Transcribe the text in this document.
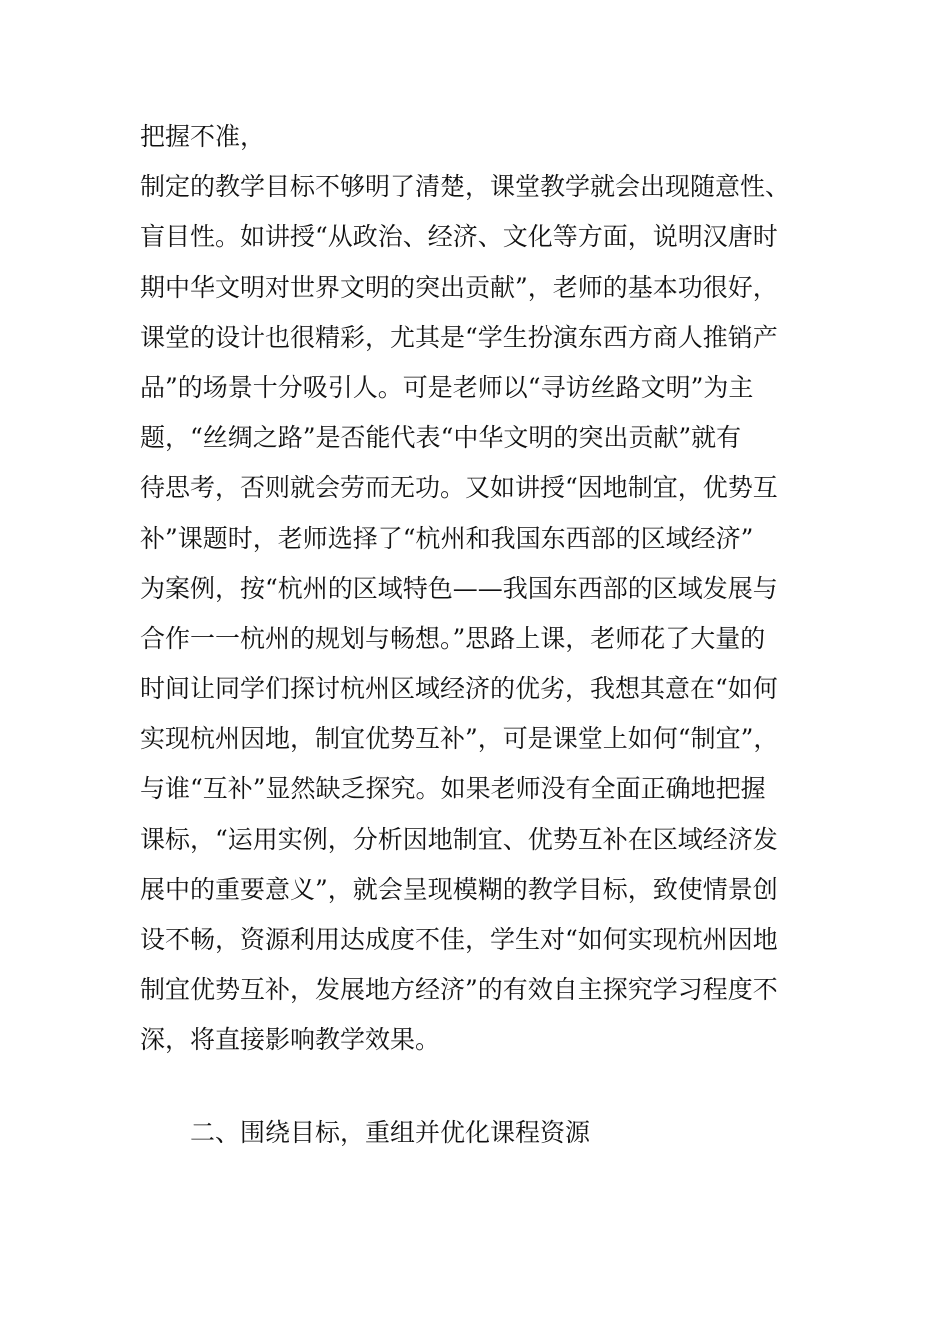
把握不准，
制定的教学目标不够明了清楚，课堂教学就会出现随意性、
盲目性。如讲授“从政治、经济、文化等方面，说明汉唐时
期中华文明对世界文明的突出贡献”，老师的基本功很好，
课堂的设计也很精彩，尤其是“学生扮演东西方商人推销产
品”的场景十分吸引人。可是老师以“寻访丝路文明”为主
题，“丝绸之路”是否能代表“中华文明的突出贡献”就有
待思考，否则就会劳而无功。又如讲授“因地制宜，优势互
补”课题时，老师选择了“杭州和我国东西部的区域经济”
为案例，按“杭州的区域特色——我国东西部的区域发展与
合作一一杭州的规划与畅想。”思路上课，老师花了大量的
时间让同学们探讨杭州区域经济的优劣，我想其意在“如何
实现杭州因地，制宜优势互补”，可是课堂上如何“制宜”，
与谁“互补”显然缺乏探究。如果老师没有全面正确地把握
课标，“运用实例，分析因地制宜、优势互补在区域经济发
展中的重要意义”，就会呈现模糊的教学目标，致使情景创
设不畅，资源利用达成度不佳，学生对“如何实现杭州因地
制宜优势互补，发展地方经济”的有效自主探究学习程度不
深，将直接影响教学效果。
二、围绕目标，重组并优化课程资源
